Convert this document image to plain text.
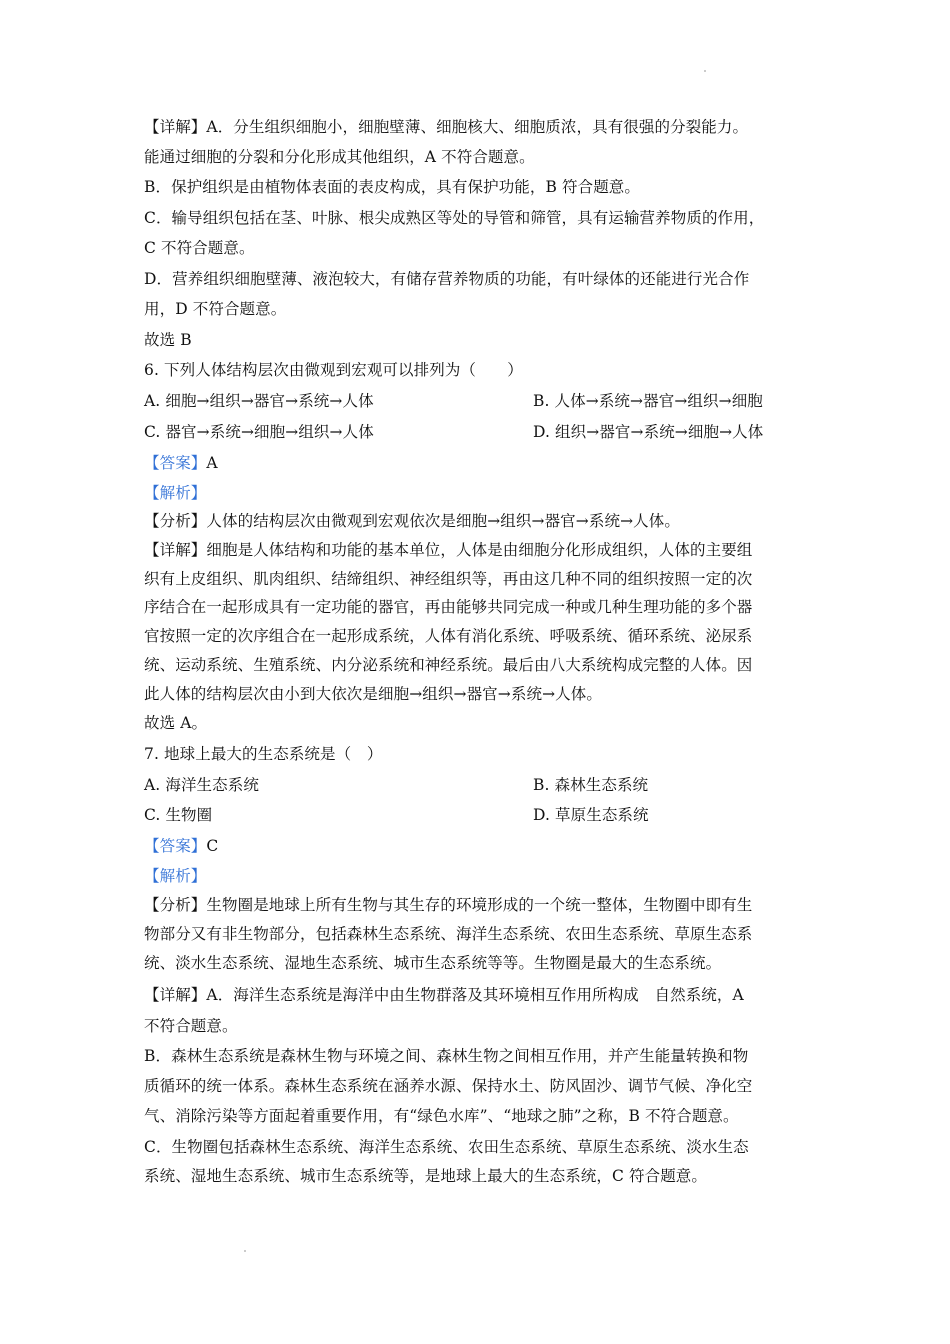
【详解】A．分生组织细胞小，细胞壁薄、细胞核大、细胞质浓，具有很强的分裂能力。
能通过细胞的分裂和分化形成其他组织，A 不符合题意。
B．保护组织是由植物体表面的表皮构成，具有保护功能，B 符合题意。
C．输导组织包括在茎、叶脉、根尖成熟区等处的导管和筛管，具有运输营养物质的作用，
C 不符合题意。
D．营养组织细胞壁薄、液泡较大，有储存营养物质的功能，有叶绿体的还能进行光合作
用，D 不符合题意。
故选 B
6. 下列人体结构层次由微观到宏观可以排列为（　　）
A. 细胞→组织→器官→系统→人体	B. 人体→系统→器官→组织→细胞
C. 器官→系统→细胞→组织→人体	D. 组织→器官→系统→细胞→人体
【答案】A
【解析】
【分析】人体的结构层次由微观到宏观依次是细胞→组织→器官→系统→人体。
【详解】细胞是人体结构和功能的基本单位，人体是由细胞分化形成组织，人体的主要组
织有上皮组织、肌肉组织、结缔组织、神经组织等，再由这几种不同的组织按照一定的次
序结合在一起形成具有一定功能的器官，再由能够共同完成一种或几种生理功能的多个器
官按照一定的次序组合在一起形成系统，人体有消化系统、呼吸系统、循环系统、泌尿系
统、运动系统、生殖系统、内分泌系统和神经系统。最后由八大系统构成完整的人体。因
此人体的结构层次由小到大依次是细胞→组织→器官→系统→人体。
故选 A。
7. 地球上最大的生态系统是（　）
A. 海洋生态系统	B. 森林生态系统
C. 生物圈	D. 草原生态系统
【答案】C
【解析】
【分析】生物圈是地球上所有生物与其生存的环境形成的一个统一整体，生物圈中即有生
物部分又有非生物部分，包括森林生态系统、海洋生态系统、农田生态系统、草原生态系
统、淡水生态系统、湿地生态系统、城市生态系统等等。生物圈是最大的生态系统。
【详解】A．海洋生态系统是海洋中由生物群落及其环境相互作用所构成　自然系统，A
不符合题意。
B．森林生态系统是森林生物与环境之间、森林生物之间相互作用，并产生能量转换和物
质循环的统一体系。森林生态系统在涵养水源、保持水土、防风固沙、调节气候、净化空
气、消除污染等方面起着重要作用，有“绿色水库”、“地球之肺”之称，B 不符合题意。
C．生物圈包括森林生态系统、海洋生态系统、农田生态系统、草原生态系统、淡水生态
系统、湿地生态系统、城市生态系统等，是地球上最大的生态系统，C 符合题意。
